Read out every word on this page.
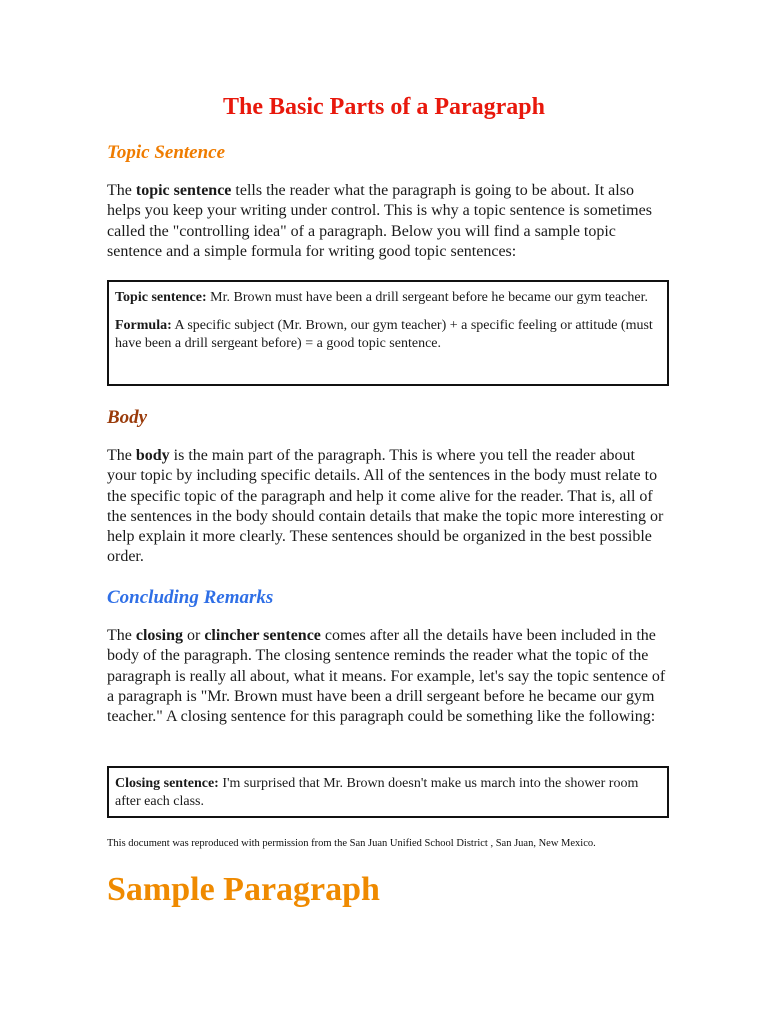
The Basic Parts of a Paragraph
Topic Sentence

The topic sentence tells the reader what the paragraph is going to be about. It also helps you keep your writing under control. This is why a topic sentence is sometimes called the "controlling idea" of a paragraph. Below you will find a sample topic sentence and a simple formula for writing good topic sentences:

Topic sentence: Mr. Brown must have been a drill sergeant before he became our gym teacher.

Formula: A specific subject (Mr. Brown, our gym teacher) + a specific feeling or attitude (must have been a drill sergeant before) = a good topic sentence.

Body

The body is the main part of the paragraph. This is where you tell the reader about your topic by including specific details. All of the sentences in the body must relate to the specific topic of the paragraph and help it come alive for the reader. That is, all of the sentences in the body should contain details that make the topic more interesting or help explain it more clearly. These sentences should be organized in the best possible order.

Concluding Remarks

The closing or clincher sentence comes after all the details have been included in the body of the paragraph. The closing sentence reminds the reader what the topic of the paragraph is really all about, what it means. For example, let's say the topic sentence of a paragraph is "Mr. Brown must have been a drill sergeant before he became our gym teacher." A closing sentence for this paragraph could be something like the following:

Closing sentence: I'm surprised that Mr. Brown doesn't make us march into the shower room after each class.

This document was reproduced with permission from the San Juan Unified School District , San Juan, New Mexico.

Sample Paragraph
